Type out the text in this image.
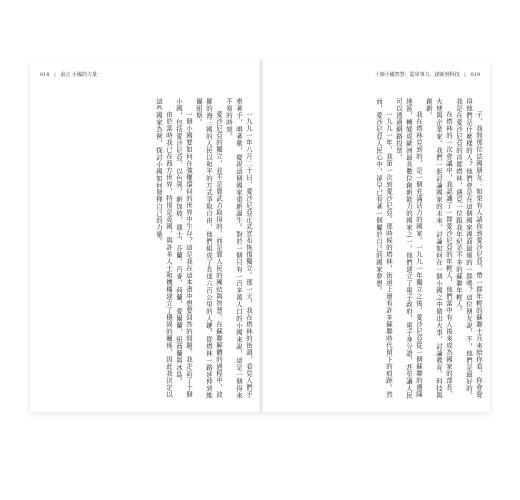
018 | 前言 小國的力量	十個小國智慧：從軍事力、創新到科技 | 019

子，我問那位法國朋友：如果有人請你到愛沙尼亞，帶一群年輕的蘇聯士兵來給你看，你會覺得他們是什麼樣的人？他們會是在這個國家裡面最壞的一群嗎？這位朋友說，不，他們是最好的。我是在愛沙尼亞的首都塔林，遇見一位跟我年紀差不多的蘇聯年輕人。

在塔林的一次會議中，我認識了一群愛沙尼亞的年輕人，他們當中有人後來成為國家的部長、大使與企業家。我們一起討論國家的未來，討論如何在一個小國之中做出大事，討論教育、科技與創新。

我在塔林見到的，是一個充滿活力的國家。一九九一年獨立之後，愛沙尼亞從一個蘇聯的邊陲地區，轉變成歐洲最具數位創新能力的國家之一。他們建立了電子政府、電子身分證，甚至讓人民可以透過網路投票。

一九九一年，我第一次到愛沙尼亞。那時候的塔林，街道上還有許多蘇聯時代留下的痕跡。然而，愛沙尼亞人民心中，卻早已有著一個屬於自己的國家夢想。

一九九一年八月二十日，愛沙尼亞正式宣布恢復獨立。那一天，我在塔林的街頭，看見人們手牽著手，唱著歌，慶祝這個國家重新誕生。對於一個只有一百多萬人口的小國來說，這是一個得來不易的時刻。

愛沙尼亞的獨立，並不是靠武力取得的，而是靠人民的團結與智慧。在蘇聯解體的過程中，波羅的海三國的人民以和平的方式爭取自由，他們組成了長達六百公里的人鏈，從塔林一路延伸到維爾紐斯。

一個小國要如何在強權環伺的世界中生存？這是我在這本書中想要回答的問題。我走訪了十個小國，包括愛沙尼亞、以色列、新加坡、瑞士、芬蘭、丹麥、荷蘭、愛爾蘭、紐西蘭與冰島。

由於當時我已在西方世界，特別是英國，與許多人士和機構建立了穩固的關係，因此我決定以這些國家為例，探討小國如何發揮自己的力量。
